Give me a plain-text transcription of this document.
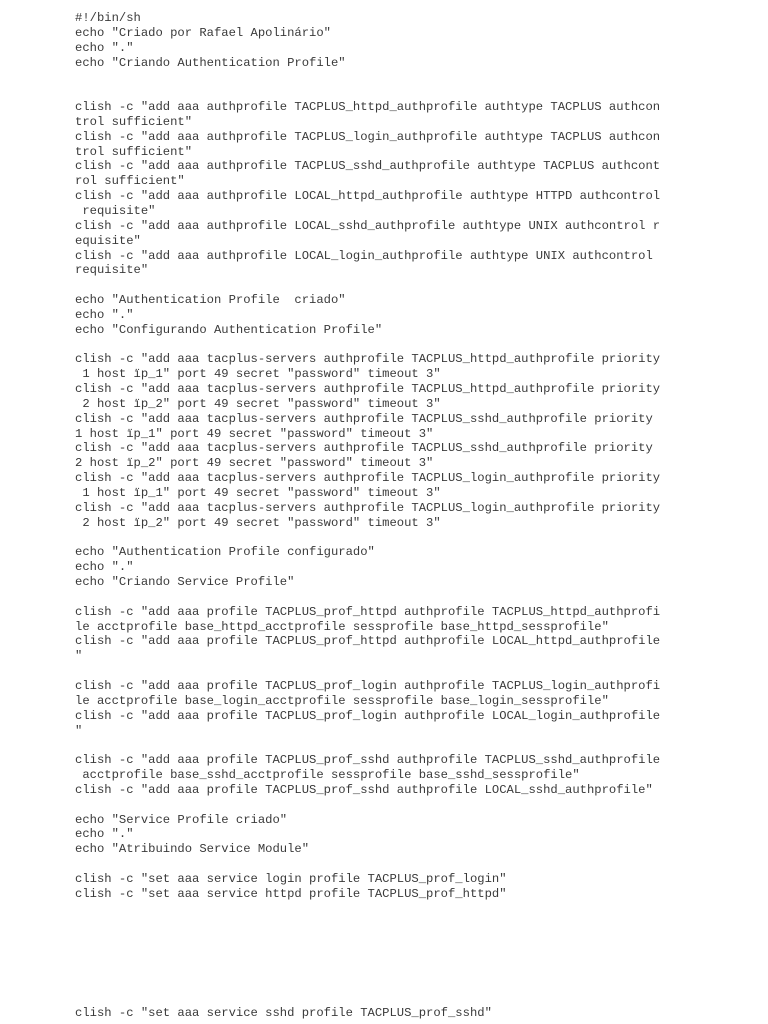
#!/bin/sh
echo "Criado por Rafael Apolinário"
echo "."
echo "Criando Authentication Profile"
clish -c "add aaa authprofile TACPLUS_httpd_authprofile authtype TACPLUS authcon
trol sufficient"
clish -c "add aaa authprofile TACPLUS_login_authprofile authtype TACPLUS authcon
trol sufficient"
clish -c "add aaa authprofile TACPLUS_sshd_authprofile authtype TACPLUS authcont
rol sufficient"
clish -c "add aaa authprofile LOCAL_httpd_authprofile authtype HTTPD authcontrol
requisite"
clish -c "add aaa authprofile LOCAL_sshd_authprofile authtype UNIX authcontrol r
equisite"
clish -c "add aaa authprofile LOCAL_login_authprofile authtype UNIX authcontrol
requisite"
echo "Authentication Profile  criado"
echo "."
echo "Configurando Authentication Profile"
clish -c "add aaa tacplus-servers authprofile TACPLUS_httpd_authprofile priority
1 host ïp_1" port 49 secret "password" timeout 3"
clish -c "add aaa tacplus-servers authprofile TACPLUS_httpd_authprofile priority
2 host ïp_2" port 49 secret "password" timeout 3"
clish -c "add aaa tacplus-servers authprofile TACPLUS_sshd_authprofile priority
1 host ïp_1" port 49 secret "password" timeout 3"
clish -c "add aaa tacplus-servers authprofile TACPLUS_sshd_authprofile priority
2 host ïp_2" port 49 secret "password" timeout 3"
clish -c "add aaa tacplus-servers authprofile TACPLUS_login_authprofile priority
1 host ïp_1" port 49 secret "password" timeout 3"
clish -c "add aaa tacplus-servers authprofile TACPLUS_login_authprofile priority
2 host ïp_2" port 49 secret "password" timeout 3"
echo "Authentication Profile configurado"
echo "."
echo "Criando Service Profile"
clish -c "add aaa profile TACPLUS_prof_httpd authprofile TACPLUS_httpd_authprofi
le acctprofile base_httpd_acctprofile sessprofile base_httpd_sessprofile"
clish -c "add aaa profile TACPLUS_prof_httpd authprofile LOCAL_httpd_authprofile
"
clish -c "add aaa profile TACPLUS_prof_login authprofile TACPLUS_login_authprofi
le acctprofile base_login_acctprofile sessprofile base_login_sessprofile"
clish -c "add aaa profile TACPLUS_prof_login authprofile LOCAL_login_authprofile
"
clish -c "add aaa profile TACPLUS_prof_sshd authprofile TACPLUS_sshd_authprofile
acctprofile base_sshd_acctprofile sessprofile base_sshd_sessprofile"
clish -c "add aaa profile TACPLUS_prof_sshd authprofile LOCAL_sshd_authprofile"
echo "Service Profile criado"
echo "."
echo "Atribuindo Service Module"
clish -c "set aaa service login profile TACPLUS_prof_login"
clish -c "set aaa service httpd profile TACPLUS_prof_httpd"
clish -c "set aaa service sshd profile TACPLUS_prof_sshd"
